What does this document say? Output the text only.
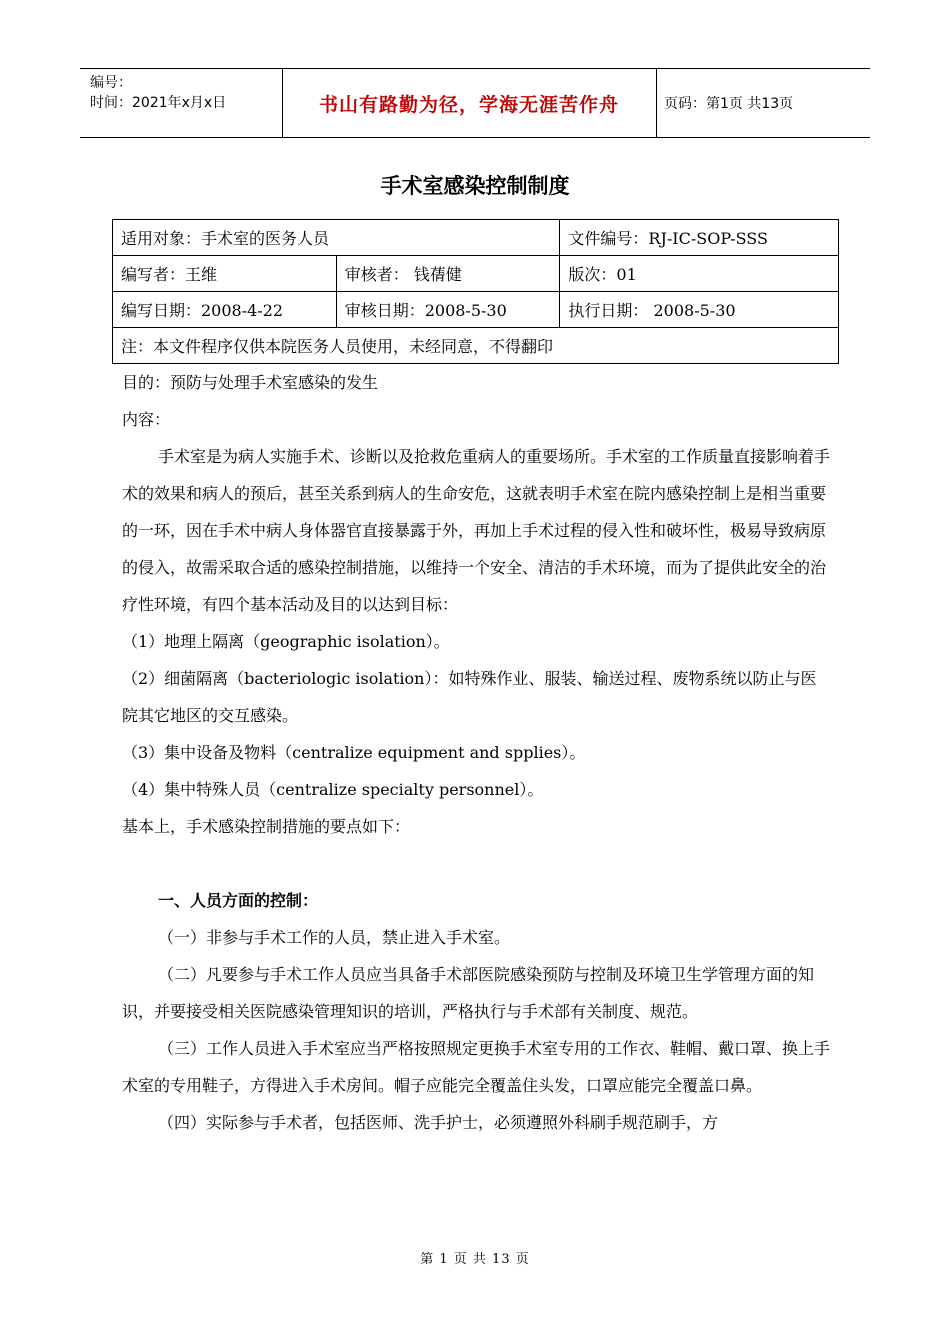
编号：
时间：2021年x月x日	书山有路勤为径，学海无涯苦作舟	页码：第1页 共13页
手术室感染控制制度
适用对象：手术室的医务人员		文件编号：RJ-IC-SOP-SSS
编写者：王维	审核者： 钱蒨健	版次：01
编写日期：2008-4-22	审核日期：2008-5-30	执行日期： 2008-5-30
注：本文件程序仅供本院医务人员使用，未经同意，不得翻印		

目的：预防与处理手术室感染的发生

内容：

手术室是为病人实施手术、诊断以及抢救危重病人的重要场所。手术室的工作质量直接影响着手术的效果和病人的预后，甚至关系到病人的生命安危，这就表明手术室在院内感染控制上是相当重要的一环，因在手术中病人身体器官直接暴露于外，再加上手术过程的侵入性和破坏性，极易导致病原的侵入，故需采取合适的感染控制措施，以维持一个安全、清洁的手术环境，而为了提供此安全的治疗性环境，有四个基本活动及目的以达到目标：

（1）地理上隔离（geographic isolation）。

（2）细菌隔离（bacteriologic isolation）：如特殊作业、服装、输送过程、废物系统以防止与医院其它地区的交互感染。

（3）集中设备及物料（centralize equipment and spplies）。

（4）集中特殊人员（centralize specialty personnel）。

基本上，手术感染控制措施的要点如下：

一、人员方面的控制：

（一）非参与手术工作的人员，禁止进入手术室。

（二）凡要参与手术工作人员应当具备手术部医院感染预防与控制及环境卫生学管理方面的知识，并要接受相关医院感染管理知识的培训，严格执行与手术部有关制度、规范。

（三）工作人员进入手术室应当严格按照规定更换手术室专用的工作衣、鞋帽、戴口罩、换上手术室的专用鞋子，方得进入手术房间。帽子应能完全覆盖住头发，口罩应能完全覆盖口鼻。

（四）实际参与手术者，包括医师、洗手护士，必须遵照外科刷手规范刷手，方

第 1 页 共 13 页
